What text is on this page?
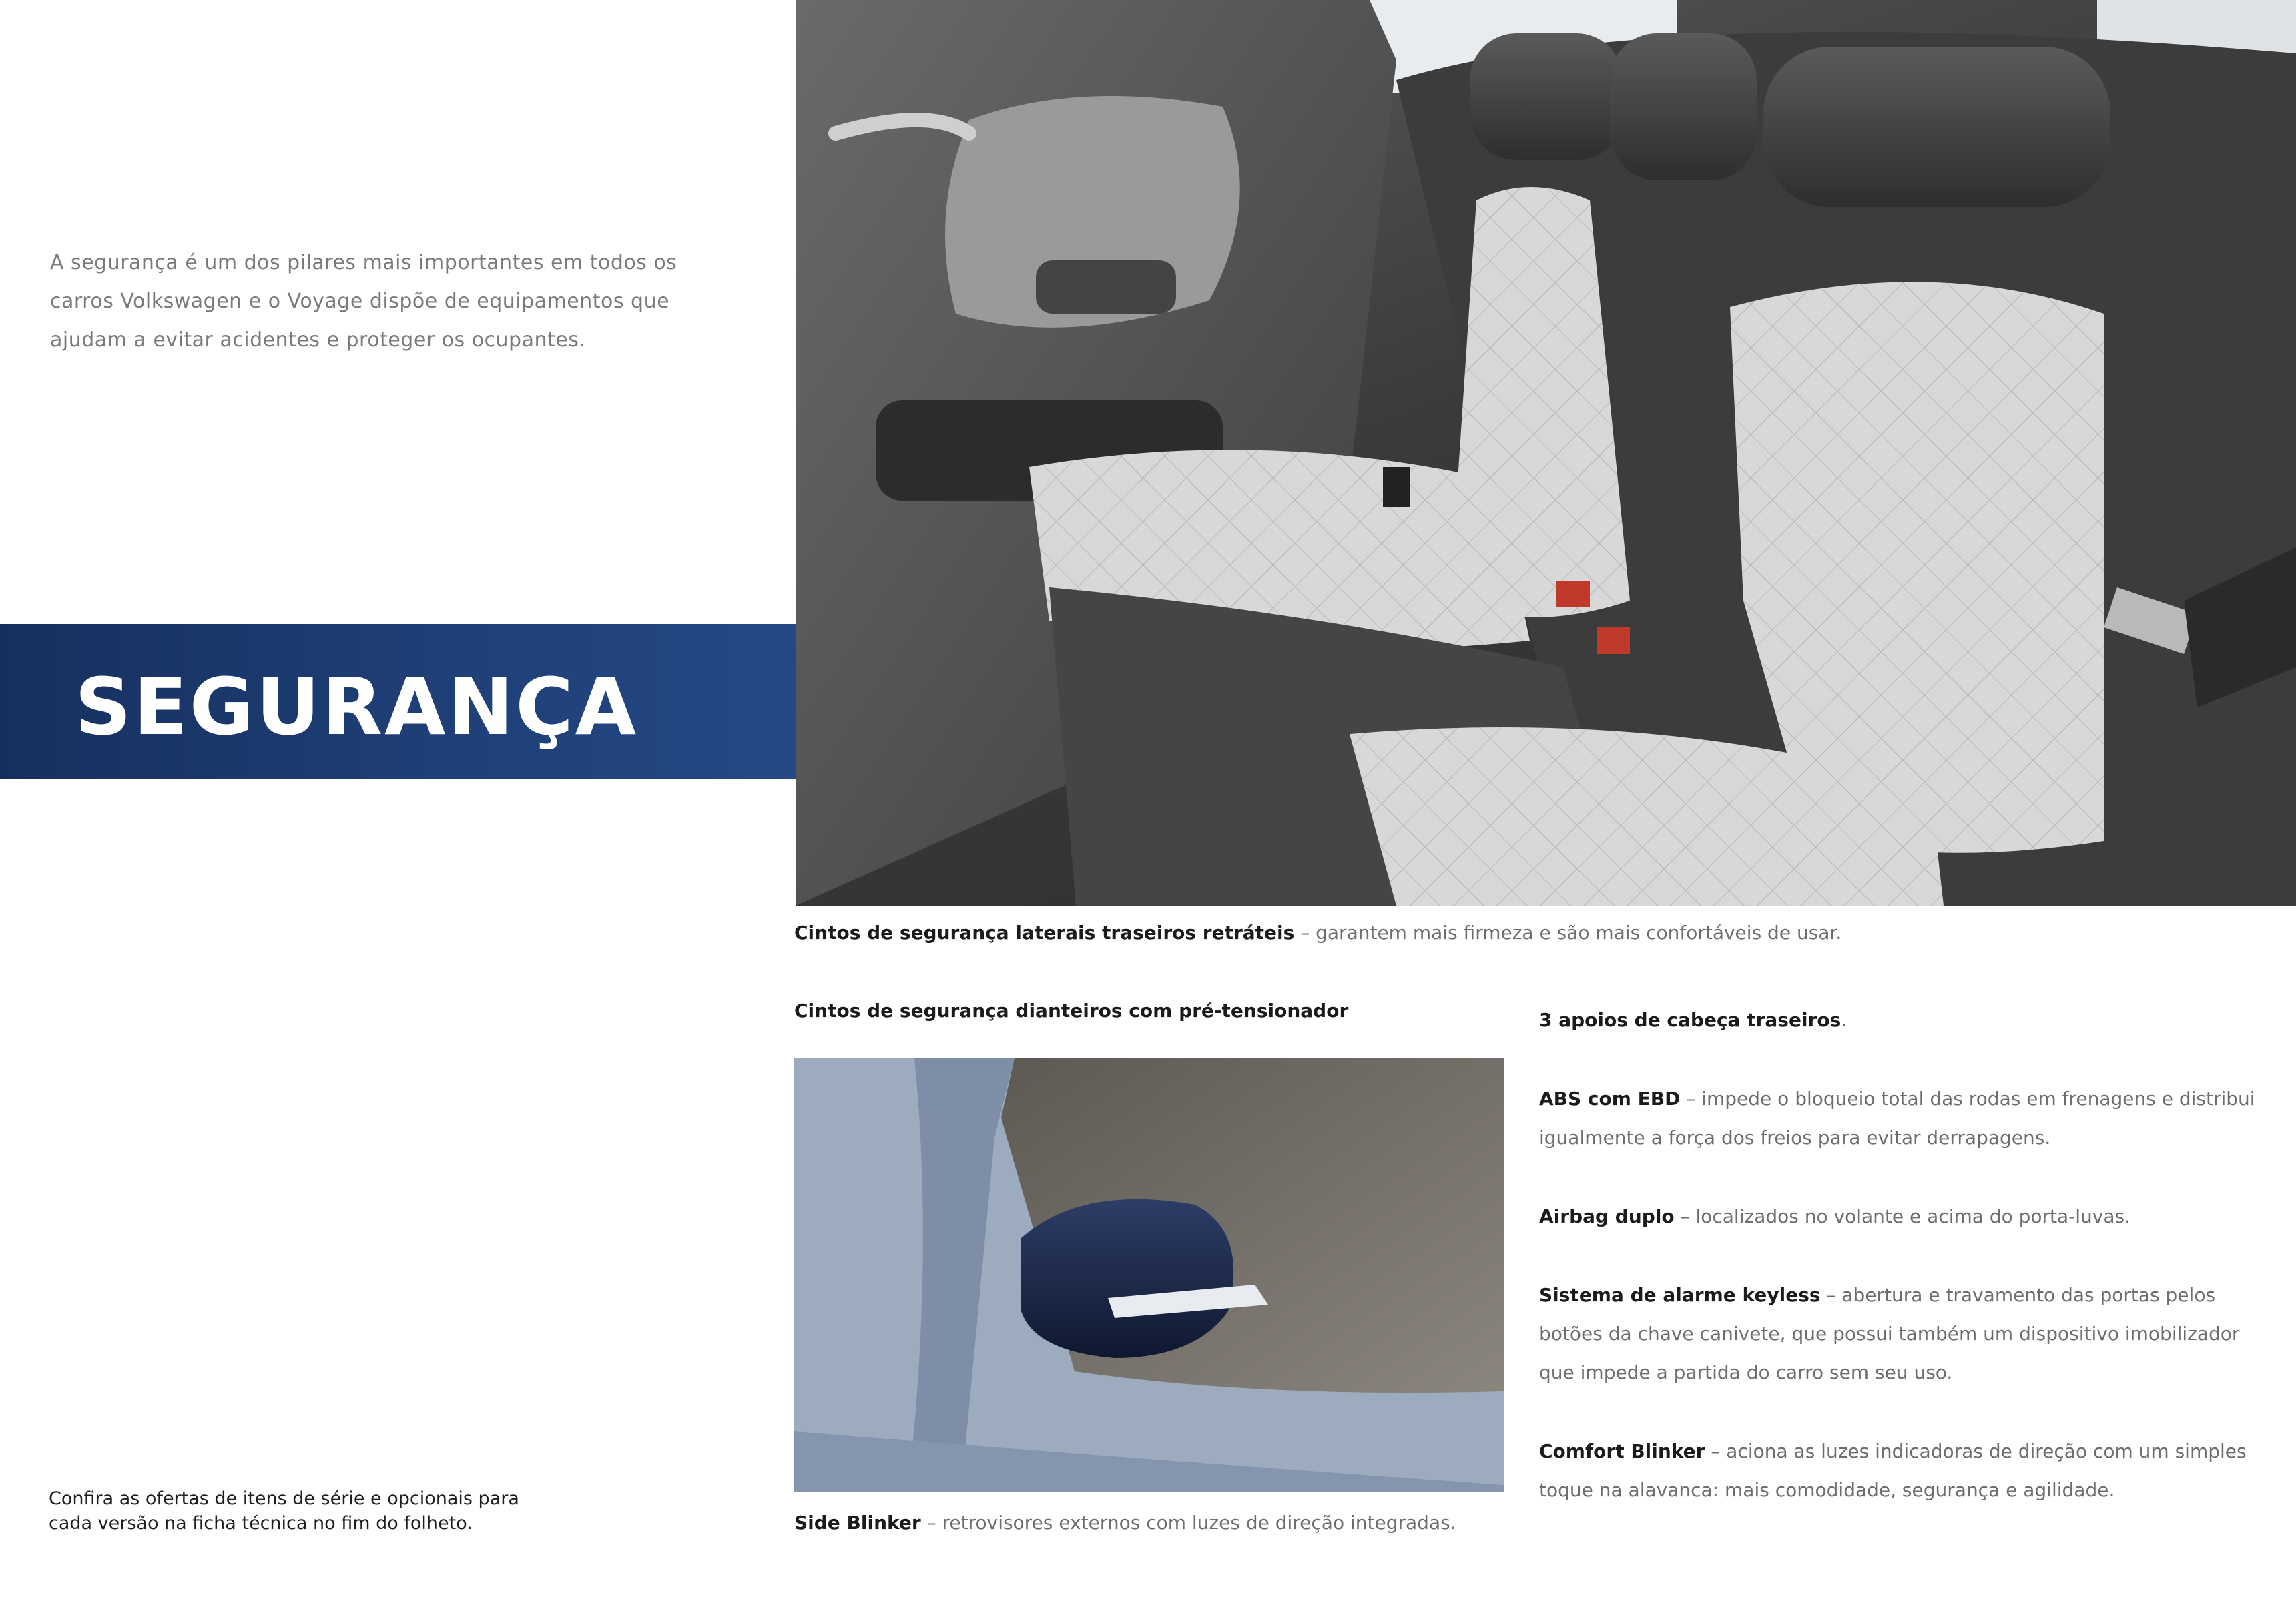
A segurança é um dos pilares mais importantes em todos os carros Volkswagen e o Voyage dispõe de equipamentos que ajudam a evitar acidentes e proteger os ocupantes.
SEGURANÇA
Cintos de segurança laterais traseiros retráteis – garantem mais firmeza e são mais confortáveis de usar.
Cintos de segurança dianteiros com pré-tensionador
Side Blinker – retrovisores externos com luzes de direção integradas.
3 apoios de cabeça traseiros.
ABS com EBD – impede o bloqueio total das rodas em frenagens e distribui igualmente a força dos freios para evitar derrapagens.
Airbag duplo – localizados no volante e acima do porta-luvas.
Sistema de alarme keyless – abertura e travamento das portas pelos botões da chave canivete, que possui também um dispositivo imobilizador que impede a partida do carro sem seu uso.
Comfort Blinker – aciona as luzes indicadoras de direção com um simples toque na alavanca: mais comodidade, segurança e agilidade.
Confira as ofertas de itens de série e opcionais para cada versão na ficha técnica no fim do folheto.
